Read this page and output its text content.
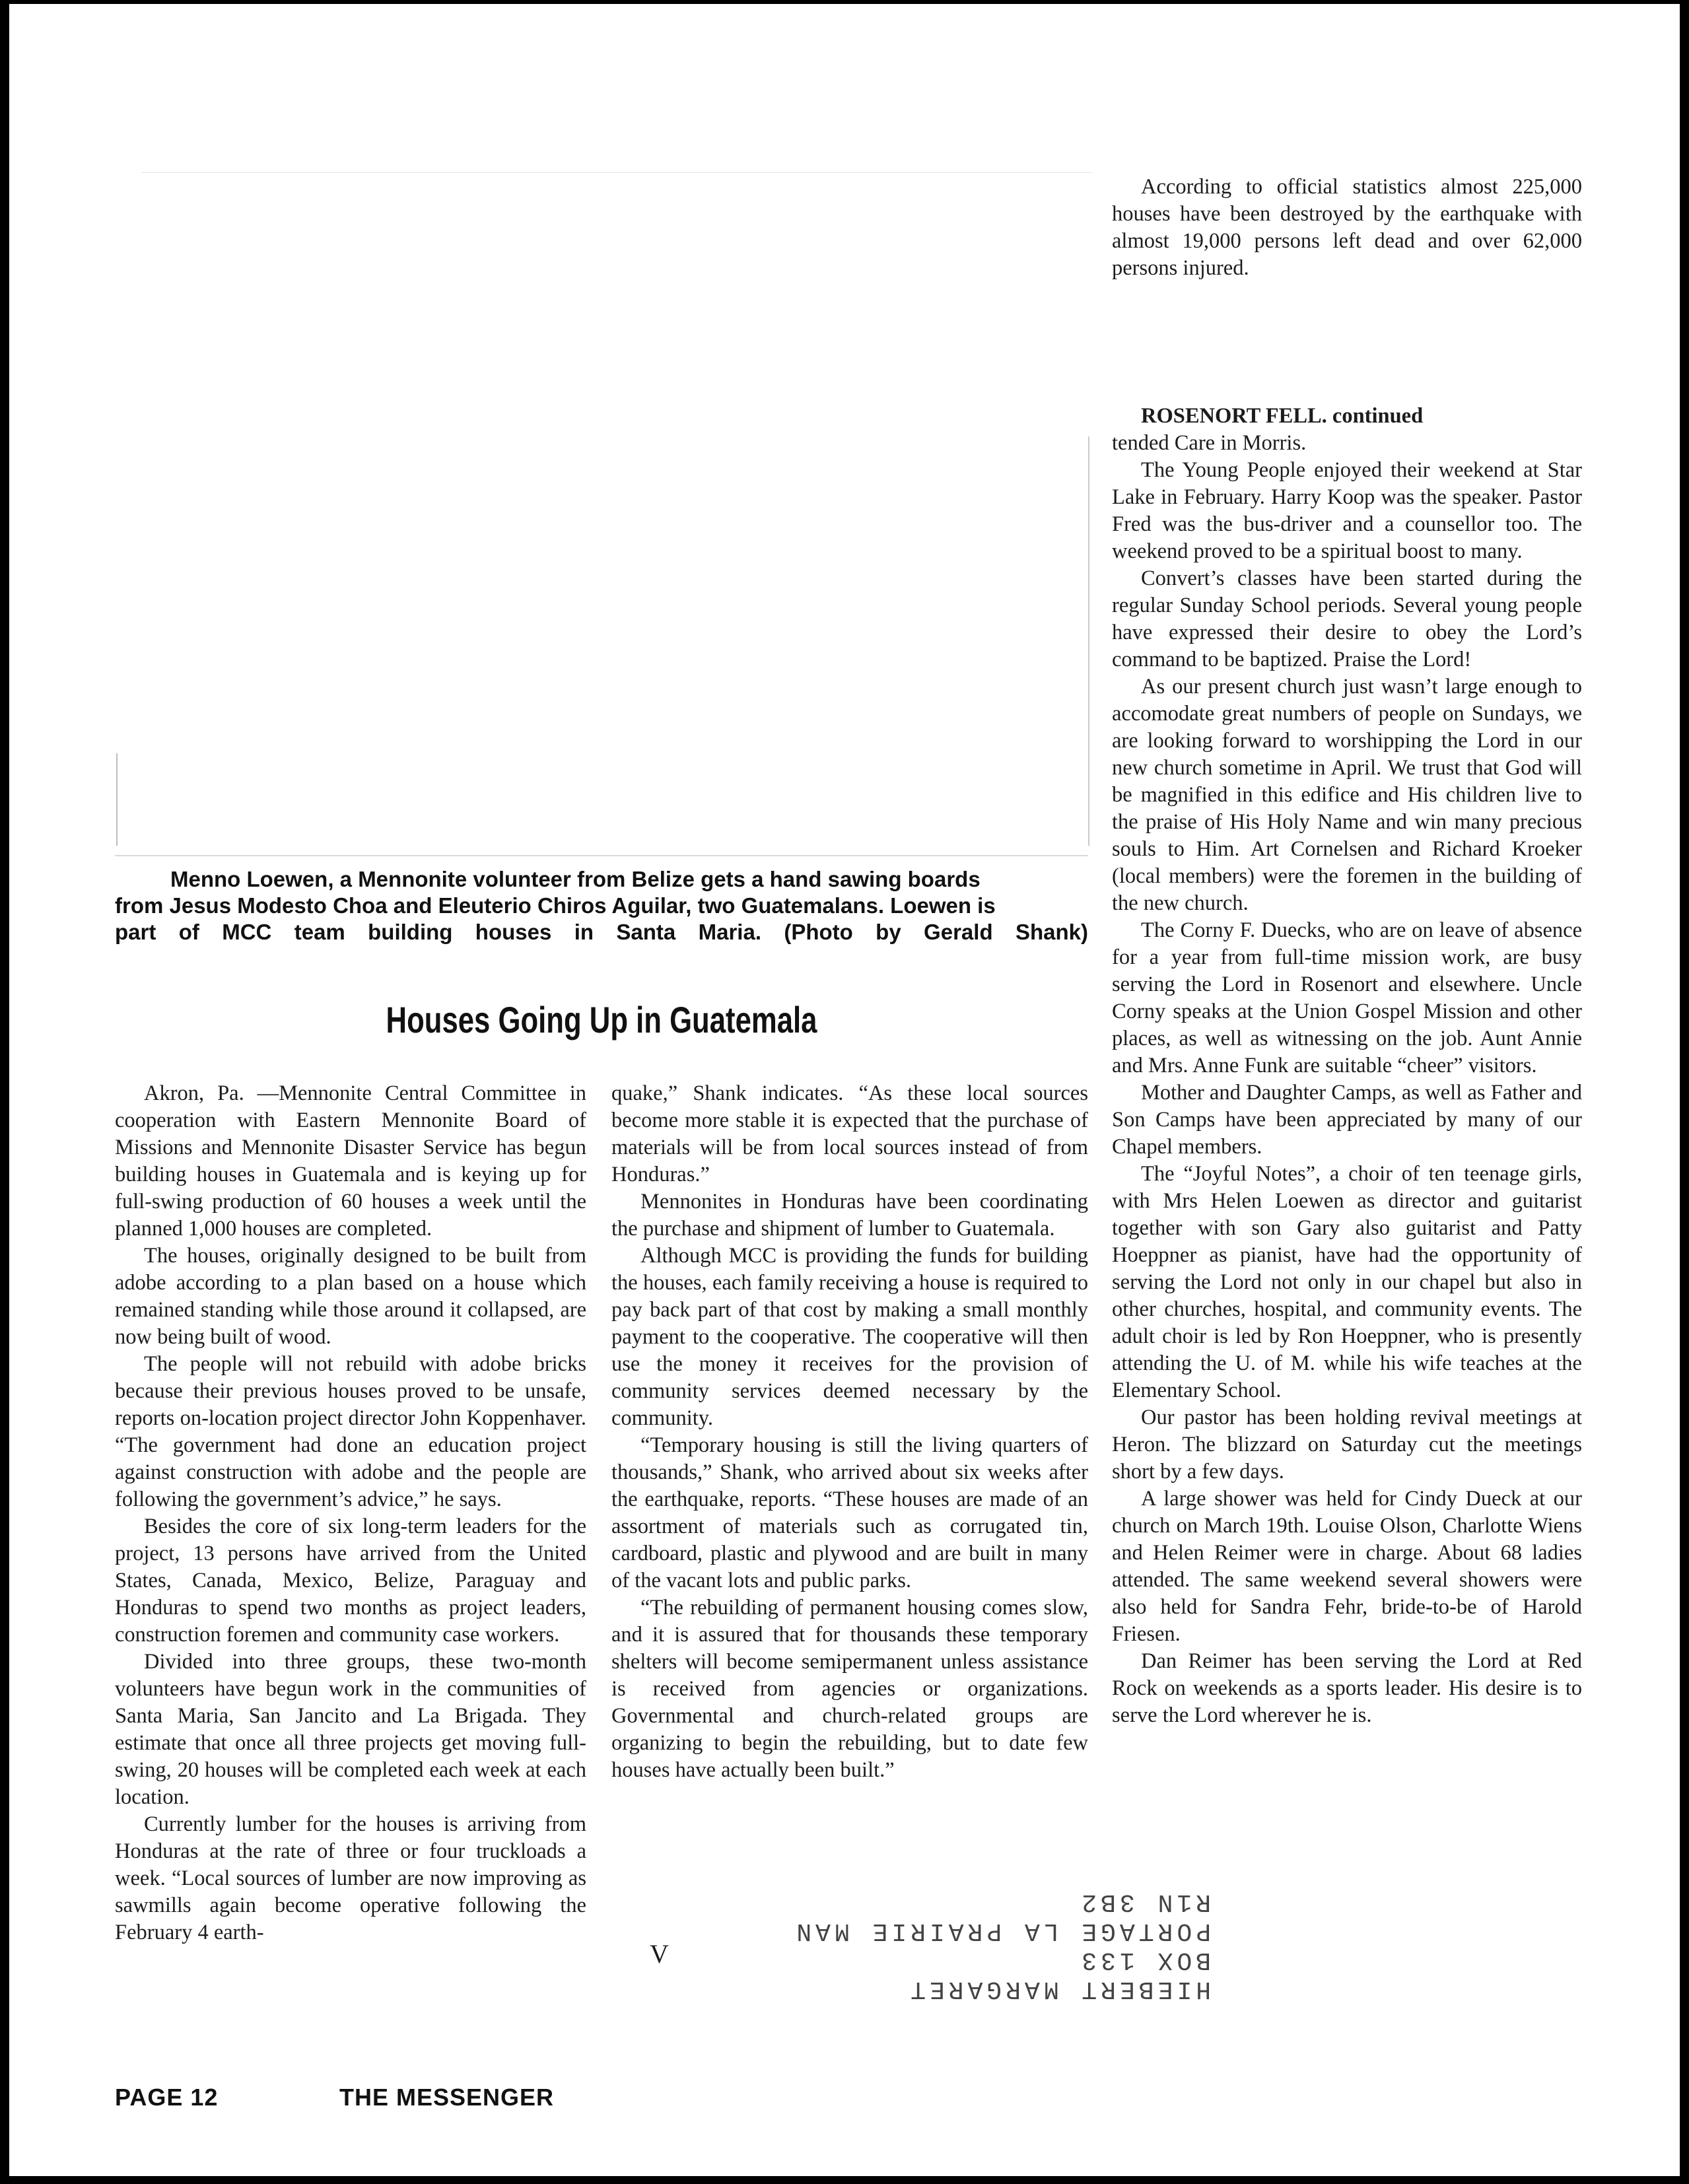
Menno Loewen, a Mennonite volunteer from Belize gets a hand sawing boards
from Jesus Modesto Choa and Eleuterio Chiros Aguilar, two Guatemalans. Loewen is
part of MCC team building houses in Santa Maria. (Photo by Gerald Shank)
Houses Going Up in Guatemala

Akron, Pa. —Mennonite Central Committee in cooperation with Eastern Mennonite Board of Missions and Mennonite Disaster Service has begun building houses in Guatemala and is keying up for full-swing production of 60 houses a week until the planned 1,000 houses are completed.

The houses, originally designed to be built from adobe according to a plan based on a house which remained standing while those around it collapsed, are now being built of wood.

The people will not rebuild with adobe bricks because their previous houses proved to be unsafe, reports on-location project director John Koppenhaver. “The government had done an education project against construction with adobe and the people are following the government’s advice,” he says.

Besides the core of six long-term leaders for the project, 13 persons have arrived from the United States, Canada, Mexico, Belize, Paraguay and Honduras to spend two months as project leaders, construction foremen and community case workers.

Divided into three groups, these two-month volunteers have begun work in the communities of Santa Maria, San Jancito and La Brigada. They estimate that once all three projects get moving full-swing, 20 houses will be completed each week at each location.

Currently lumber for the houses is arriving from Honduras at the rate of three or four truckloads a week. “Local sources of lumber are now improving as sawmills again become operative following the February 4 earth-

quake,” Shank indicates. “As these local sources become more stable it is expected that the purchase of materials will be from local sources instead of from Honduras.”

Mennonites in Honduras have been coordinating the purchase and shipment of lumber to Guatemala.

Although MCC is providing the funds for building the houses, each family receiving a house is required to pay back part of that cost by making a small monthly payment to the cooperative. The cooperative will then use the money it receives for the provision of community services deemed necessary by the community.

“Temporary housing is still the living quarters of thousands,” Shank, who arrived about six weeks after the earthquake, reports. “These houses are made of an assortment of materials such as corrugated tin, cardboard, plastic and plywood and are built in many of the vacant lots and public parks.

“The rebuilding of permanent housing comes slow, and it is assured that for thousands these temporary shelters will become semipermanent unless assistance is received from agencies or organizations. Governmental and church-related groups are organizing to begin the rebuilding, but to date few houses have actually been built.”

According to official statistics almost 225,000 houses have been destroyed by the earthquake with almost 19,000 persons left dead and over 62,000 persons injured.

ROSENORT FELL. continued

tended Care in Morris.

The Young People enjoyed their weekend at Star Lake in February. Harry Koop was the speaker. Pastor Fred was the bus-driver and a counsellor too. The weekend proved to be a spiritual boost to many.

Convert’s classes have been started during the regular Sunday School periods. Several young people have expressed their desire to obey the Lord’s command to be baptized. Praise the Lord!

As our present church just wasn’t large enough to accomodate great numbers of people on Sundays, we are looking forward to worshipping the Lord in our new church sometime in April. We trust that God will be magnified in this edifice and His children live to the praise of His Holy Name and win many precious souls to Him. Art Cornelsen and Richard Kroeker (local members) were the foremen in the building of the new church.

The Corny F. Duecks, who are on leave of absence for a year from full-time mission work, are busy serving the Lord in Rosenort and elsewhere. Uncle Corny speaks at the Union Gospel Mission and other places, as well as witnessing on the job. Aunt Annie and Mrs. Anne Funk are suitable “cheer” visitors.

Mother and Daughter Camps, as well as Father and Son Camps have been appreciated by many of our Chapel members.

The “Joyful Notes”, a choir of ten teenage girls, with Mrs Helen Loewen as director and guitarist together with son Gary also guitarist and Patty Hoeppner as pianist, have had the opportunity of serving the Lord not only in our chapel but also in other churches, hospital, and community events. The adult choir is led by Ron Hoeppner, who is presently attending the U. of M. while his wife teaches at the Elementary School.

Our pastor has been holding revival meetings at Heron. The blizzard on Saturday cut the meetings short by a few days.

A large shower was held for Cindy Dueck at our church on March 19th. Louise Olson, Charlotte Wiens and Helen Reimer were in charge. About 68 ladies attended. The same weekend several showers were also held for Sandra Fehr, bride-to-be of Harold Friesen.

Dan Reimer has been serving the Lord at Red Rock on weekends as a sports leader. His desire is to serve the Lord wherever he is.

HIEBERT MARGARET
BOX 133
PORTAGE LA PRAIRIE MAN
R1N 3B2
V
PAGE 12	THE MESSENGER
